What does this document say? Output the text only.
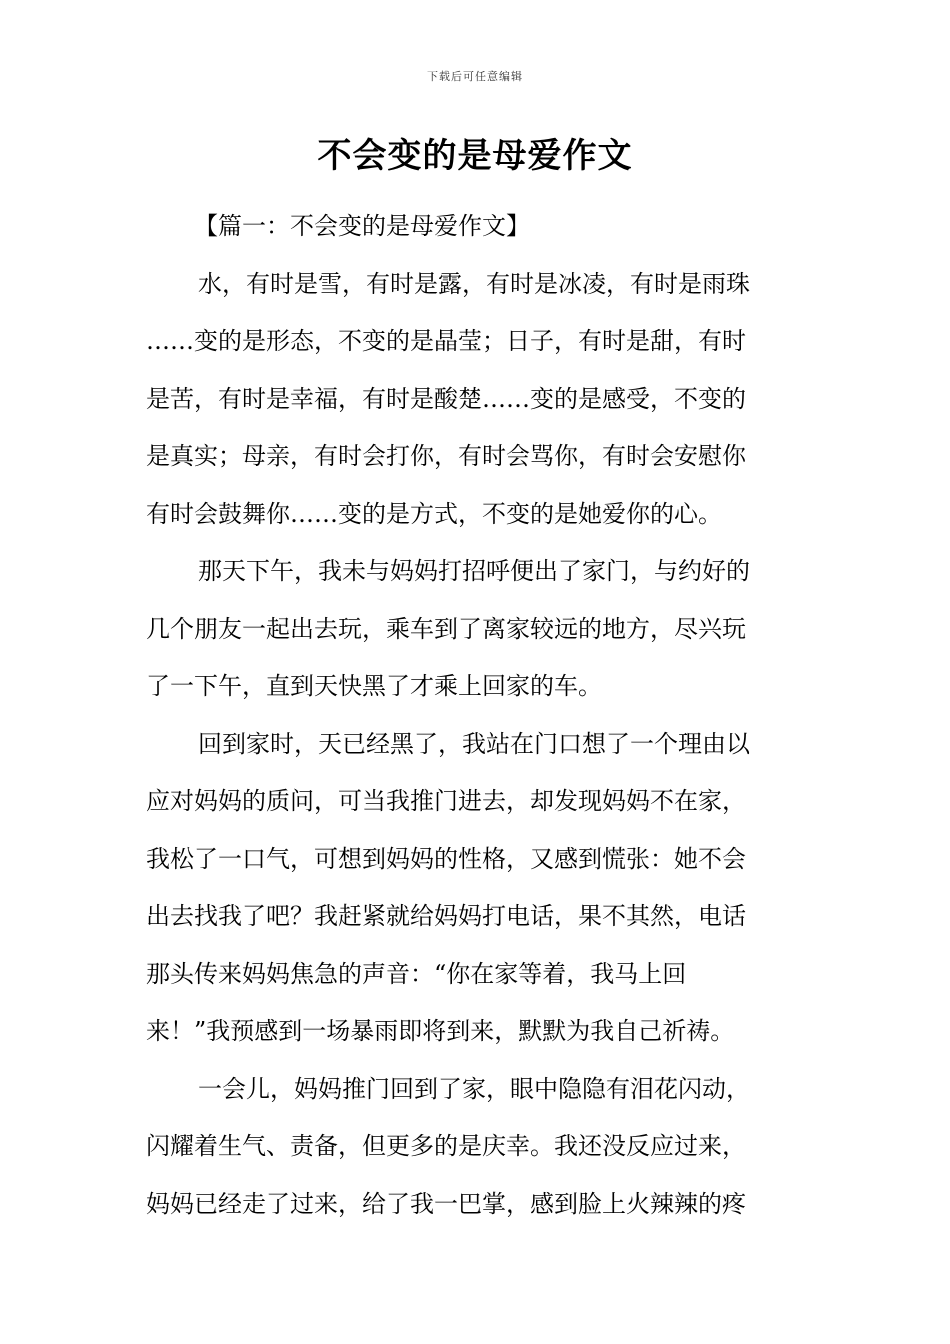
下载后可任意编辑
不会变的是母爱作文

【篇一：不会变的是母爱作文】

水，有时是雪，有时是露，有时是冰凌，有时是雨珠
……变的是形态，不变的是晶莹；日子，有时是甜，有时
是苦，有时是幸福，有时是酸楚……变的是感受，不变的
是真实；母亲，有时会打你，有时会骂你，有时会安慰你
有时会鼓舞你……变的是方式，不变的是她爱你的心。
那天下午，我未与妈妈打招呼便出了家门，与约好的
几个朋友一起出去玩，乘车到了离家较远的地方，尽兴玩
了一下午，直到天快黑了才乘上回家的车。
回到家时，天已经黑了，我站在门口想了一个理由以
应对妈妈的质问，可当我推门进去，却发现妈妈不在家，
我松了一口气，可想到妈妈的性格，又感到慌张：她不会
出去找我了吧？我赶紧就给妈妈打电话，果不其然，电话
那头传来妈妈焦急的声音：“你在家等着，我马上回
来！”我预感到一场暴雨即将到来，默默为我自己祈祷。
一会儿，妈妈推门回到了家，眼中隐隐有泪花闪动，
闪耀着生气、责备，但更多的是庆幸。我还没反应过来，
妈妈已经走了过来，给了我一巴掌，感到脸上火辣辣的疼
